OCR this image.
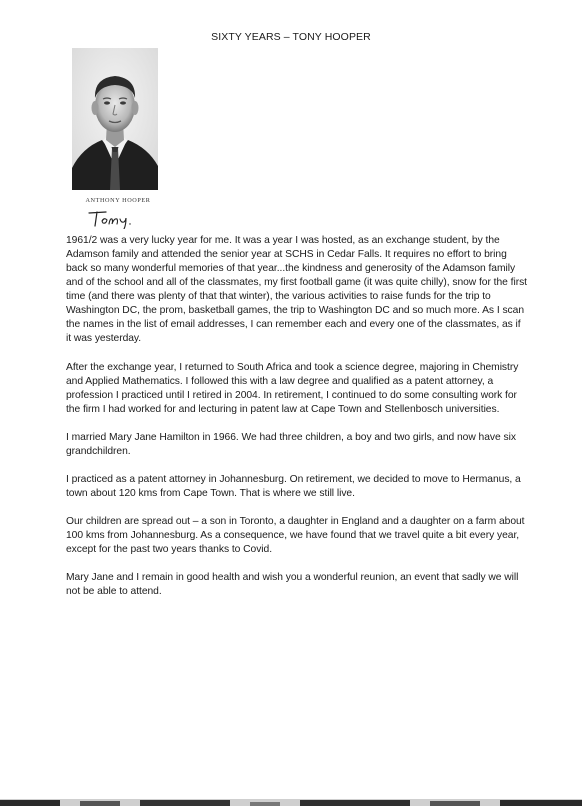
SIXTY YEARS – TONY HOOPER
ANTHONY HOOPER

1961/2 was a very lucky year for me. It was a year I was hosted, as an exchange student, by the Adamson family and attended the senior year at SCHS in Cedar Falls. It requires no effort to bring back so many wonderful memories of that year...the kindness and generosity of the Adamson family and of the school and all of the classmates, my first football game (it was quite chilly), snow for the first time (and there was plenty of that that winter), the various activities to raise funds for the trip to Washington DC, the prom, basketball games, the trip to Washington DC and so much more. As I scan the names in the list of email addresses, I can remember each and every one of the classmates, as if it was yesterday.

After the exchange year, I returned to South Africa and took a science degree, majoring in Chemistry and Applied Mathematics. I followed this with a law degree and qualified as a patent attorney, a profession I practiced until I retired in 2004. In retirement, I continued to do some consulting work for the firm I had worked for and lecturing in patent law at Cape Town and Stellenbosch universities.

I married Mary Jane Hamilton in 1966. We had three children, a boy and two girls, and now have six grandchildren.

I practiced as a patent attorney in Johannesburg. On retirement, we decided to move to Hermanus, a town about 120 kms from Cape Town. That is where we still live.

Our children are spread out – a son in Toronto, a daughter in England and a daughter on a farm about 100 kms from Johannesburg. As a consequence, we have found that we travel quite a bit every year, except for the past two years thanks to Covid.

Mary Jane and I remain in good health and wish you a wonderful reunion, an event that sadly we will not be able to attend.
